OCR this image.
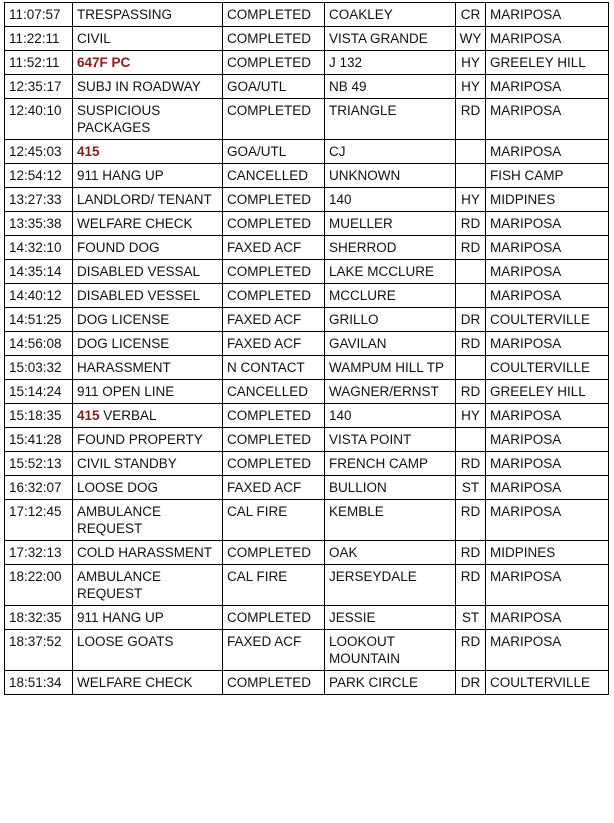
11:07:57	TRESPASSING	COMPLETED	COAKLEY	CR	MARIPOSA
11:22:11	CIVIL	COMPLETED	VISTA GRANDE	WY	MARIPOSA
11:52:11	647F PC	COMPLETED	J 132	HY	GREELEY HILL
12:35:17	SUBJ IN ROADWAY	GOA/UTL	NB 49	HY	MARIPOSA
12:40:10	SUSPICIOUS PACKAGES	COMPLETED	TRIANGLE	RD	MARIPOSA
12:45:03	415	GOA/UTL	CJ		MARIPOSA
12:54:12	911 HANG UP	CANCELLED	UNKNOWN		FISH CAMP
13:27:33	LANDLORD/ TENANT	COMPLETED	140	HY	MIDPINES
13:35:38	WELFARE CHECK	COMPLETED	MUELLER	RD	MARIPOSA
14:32:10	FOUND DOG	FAXED ACF	SHERROD	RD	MARIPOSA
14:35:14	DISABLED VESSAL	COMPLETED	LAKE MCCLURE		MARIPOSA
14:40:12	DISABLED VESSEL	COMPLETED	MCCLURE		MARIPOSA
14:51:25	DOG LICENSE	FAXED ACF	GRILLO	DR	COULTERVILLE
14:56:08	DOG LICENSE	FAXED ACF	GAVILAN	RD	MARIPOSA
15:03:32	HARASSMENT	N CONTACT	WAMPUM HILL TP		COULTERVILLE
15:14:24	911 OPEN LINE	CANCELLED	WAGNER/ERNST	RD	GREELEY HILL
15:18:35	415 VERBAL	COMPLETED	140	HY	MARIPOSA
15:41:28	FOUND PROPERTY	COMPLETED	VISTA POINT		MARIPOSA
15:52:13	CIVIL STANDBY	COMPLETED	FRENCH CAMP	RD	MARIPOSA
16:32:07	LOOSE DOG	FAXED ACF	BULLION	ST	MARIPOSA
17:12:45	AMBULANCE REQUEST	CAL FIRE	KEMBLE	RD	MARIPOSA
17:32:13	COLD HARASSMENT	COMPLETED	OAK	RD	MIDPINES
18:22:00	AMBULANCE REQUEST	CAL FIRE	JERSEYDALE	RD	MARIPOSA
18:32:35	911 HANG UP	COMPLETED	JESSIE	ST	MARIPOSA
18:37:52	LOOSE GOATS	FAXED ACF	LOOKOUT MOUNTAIN	RD	MARIPOSA
18:51:34	WELFARE CHECK	COMPLETED	PARK CIRCLE	DR	COULTERVILLE
